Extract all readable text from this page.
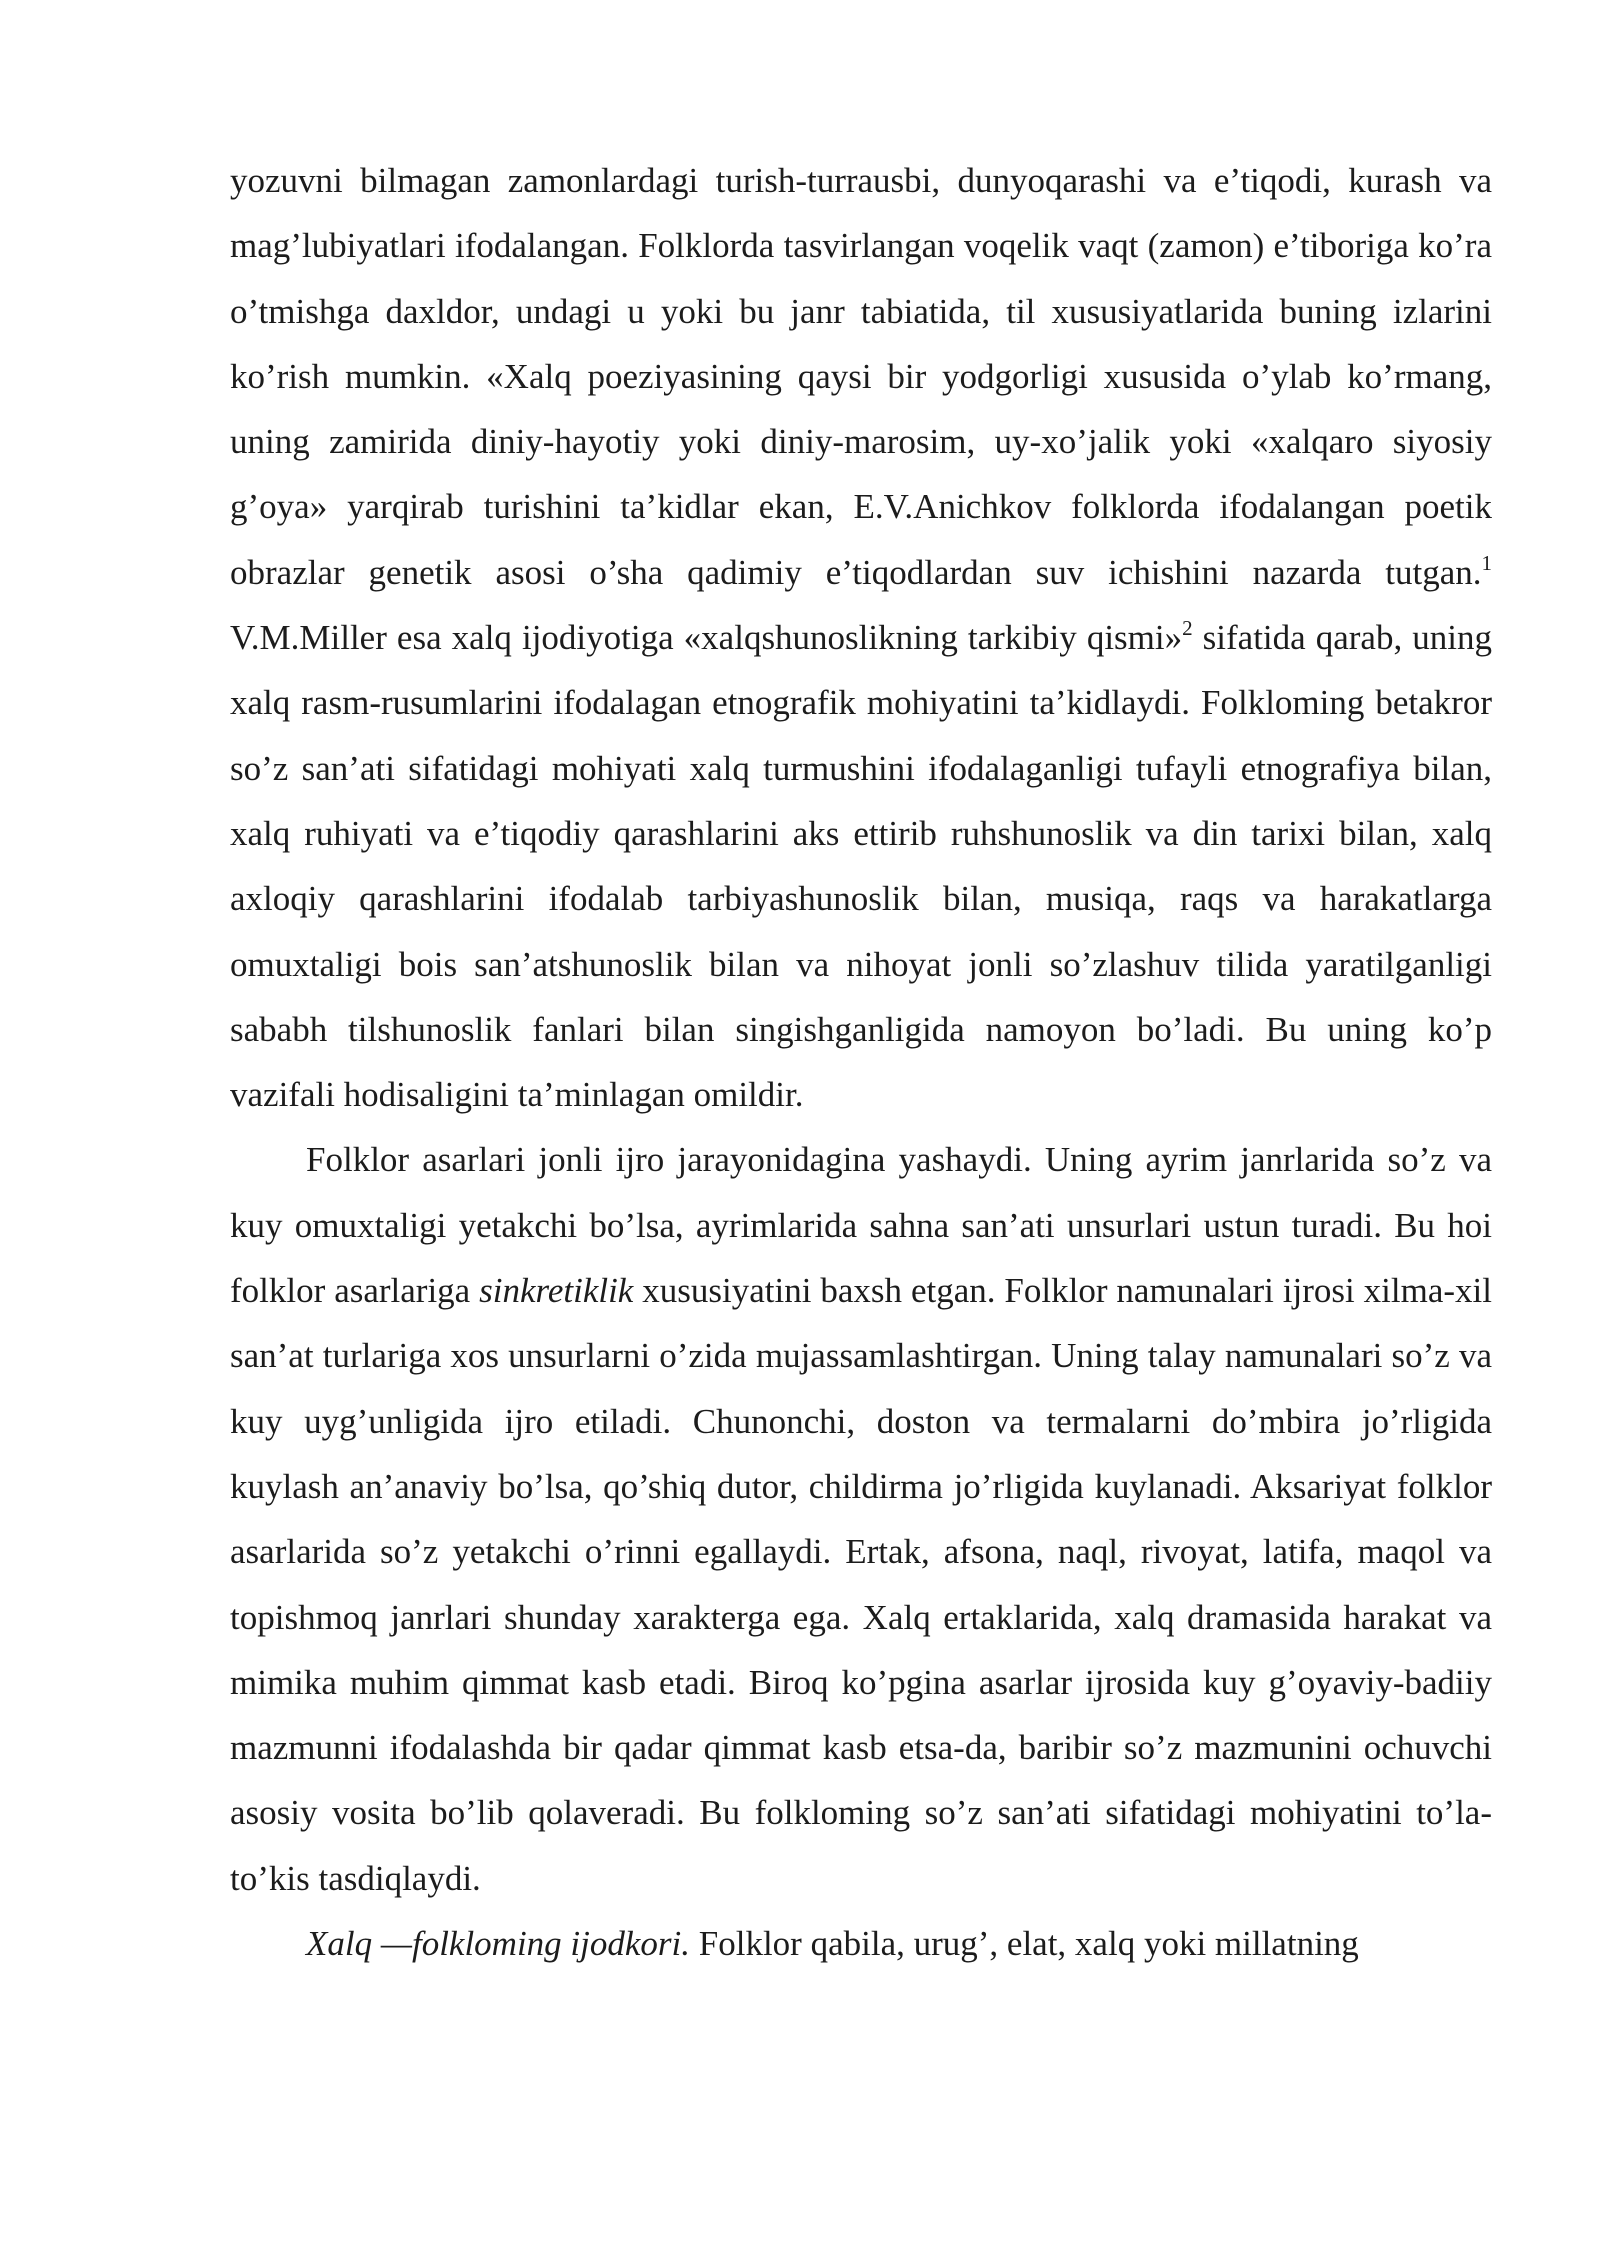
yozuvni bilmagan zamonlardagi turish-turrausbi, dunyoqarashi va e’tiqodi, kurash va mag’lubiyatlari ifodalangan. Folklorda tasvirlangan voqelik vaqt (zamon) e’tiboriga ko’ra o’tmishga daxldor, undagi u yoki bu janr tabiatida, til xususiyatlarida buning izlarini ko’rish mumkin. «Xalq poeziyasining qaysi bir yodgorligi xususida o’ylab ko’rmang, uning zamirida diniy-hayotiy yoki diniy-marosim, uy-xo’jalik yoki «xalqaro siyosiy g’oya» yarqirab turishini ta’kidlar ekan, E.V.Anichkov folklorda ifodalangan poetik obrazlar genetik asosi o’sha qadimiy e’tiqodlardan suv ichishini nazarda tutgan.$^1$ V.M.Miller esa xalq ijodiyotiga «xalqshunoslikning tarkibiy qismi»$^2$ sifatida qarab, uning xalq rasm-rusumlarini ifodalagan etnografik mohiyatini ta’kidlaydi. Folkloming betakror so’z san’ati sifatidagi mohiyati xalq turmushini ifodalaganligi tufayli etnografiya bilan, xalq ruhiyati va e’tiqodiy qarashlarini aks ettirib ruhshunoslik va din tarixi bilan, xalq axloqiy qarashlarini ifodalab tarbiyashunoslik bilan, musiqa, raqs va harakatlarga omuxtaligi bois san’atshunoslik bilan va nihoyat jonli so’zlashuv tilida yaratilganligi sababh tilshunoslik fanlari bilan singishganligida namoyon bo’ladi. Bu uning ko’p vazifali hodisaligini ta’minlagan omildir.

Folklor asarlari jonli ijro jarayonidagina yashaydi. Uning ayrim janrlarida so’z va kuy omuxtaligi yetakchi bo’lsa, ayrimlarida sahna san’ati unsurlari ustun turadi. Bu hoi folklor asarlariga sinkretiklik xususiyatini baxsh etgan. Folklor namunalari ijrosi xilma-xil san’at turlariga xos unsurlarni o’zida mujassamlashtirgan. Uning talay namunalari so’z va kuy uyg’unligida ijro etiladi. Chunonchi, doston va termalarni do’mbira jo’rligida kuylash an’anaviy bo’lsa, qo’shiq dutor, childirma jo’rligida kuylanadi. Aksariyat folklor asarlarida so’z yetakchi o’rinni egallaydi. Ertak, afsona, naql, rivoyat, latifa, maqol va topishmoq janrlari shunday xarakterga ega. Xalq ertaklarida, xalq dramasida harakat va mimika muhim qimmat kasb etadi. Biroq ko’pgina asarlar ijrosida kuy g’oyaviy-badiiy mazmunni ifodalashda bir qadar qimmat kasb etsa-da, baribir so’z mazmunini ochuvchi asosiy vosita bo’lib qolaveradi. Bu folkloming so’z san’ati sifatidagi mohiyatini to’la-to’kis tasdiqlaydi.

Xalq —folkloming ijodkori. Folklor qabila, urug’, elat, xalq yoki millatning
